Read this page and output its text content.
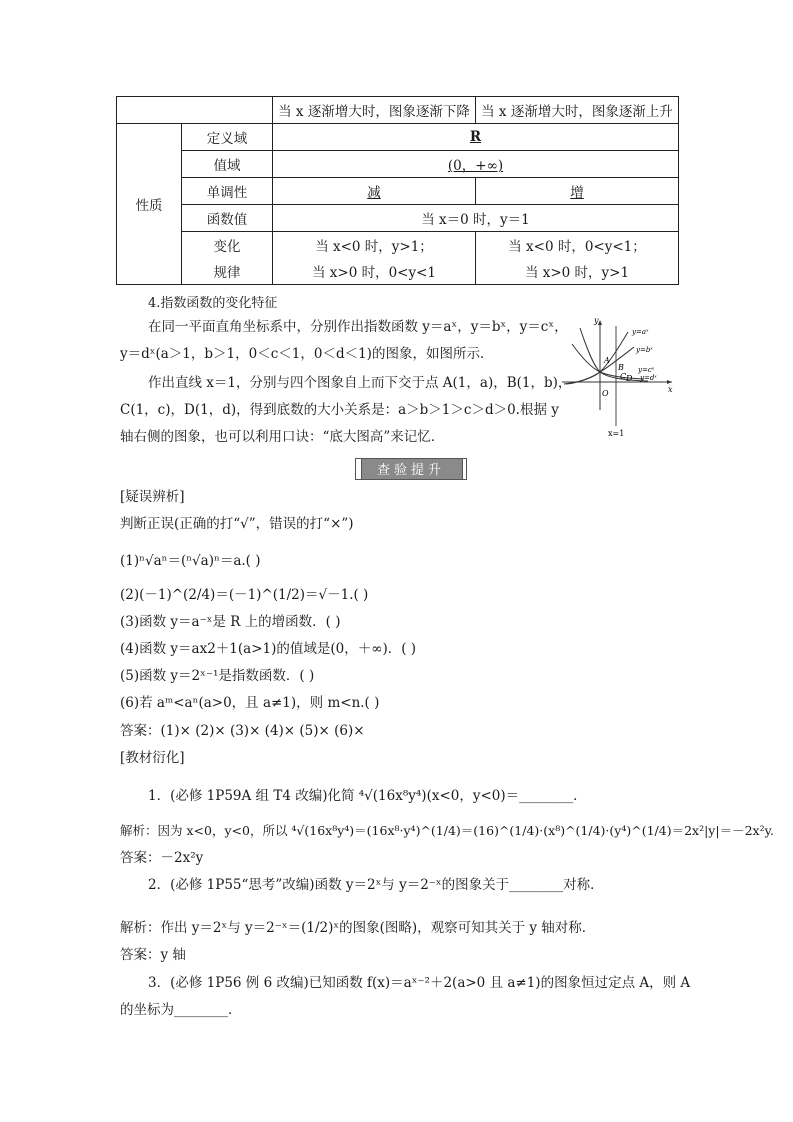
		当 x 逐渐增大时，图象逐渐下降	当 x 逐渐增大时，图象逐渐上升
性质	定义域	R	
	值域	(0，+∞)	
	单调性	减	增
	函数值	当 x＝0 时，y＝1	
	变化	当 x<0 时，y>1；	当 x<0 时，0<y<1；
	规律	当 x>0 时，0<y<1	当 x>0 时，y>1
4.指数函数的变化特征
在同一平面直角坐标系中，分别作出指数函数 y＝aˣ，y＝bˣ，y＝cˣ，
y＝dˣ(a＞1，b＞1，0＜c＜1，0＜d＜1)的图象，如图所示．
作出直线 x＝1，分别与四个图象自上而下交于点 A(1，a)，B(1，b)，
C(1，c)，D(1，d)，得到底数的大小关系是：a＞b＞1＞c＞d＞0.根据 y
轴右侧的图象，也可以利用口诀：“底大图高”来记忆．
y
x
O
x=1
y=aˣ
y=bˣ
y=cˣ
y=dˣ
A
B
C D
查验提升
[疑误辨析]
判断正误(正确的打“√”，错误的打“×”)
(1)ⁿ√aⁿ＝(ⁿ√a)ⁿ＝a.( )
(2)(－1)^(2/4)＝(－1)^(1/2)＝√－1.( )
(3)函数 y＝a⁻ˣ是 R 上的增函数．( )
(4)函数 y＝ax2＋1(a>1)的值域是(0，＋∞)．( )
(5)函数 y＝2ˣ⁻¹是指数函数．( )
(6)若 aᵐ<aⁿ(a>0，且 a≠1)，则 m<n.( )
答案：(1)× (2)× (3)× (4)× (5)× (6)×
[教材衍化]
1．(必修 1P59A 组 T4 改编)化简 ⁴√(16x⁸y⁴)(x<0，y<0)＝________．
解析：因为 x<0，y<0，所以 ⁴√(16x⁸y⁴)＝(16x⁸·y⁴)^(1/4)＝(16)^(1/4)·(x⁸)^(1/4)·(y⁴)^(1/4)＝2x²|y|＝－2x²y.
答案：－2x²y
2．(必修 1P55“思考”改编)函数 y＝2ˣ与 y＝2⁻ˣ的图象关于________对称．
解析：作出 y＝2ˣ与 y＝2⁻ˣ＝(1/2)ˣ的图象(图略)，观察可知其关于 y 轴对称．
答案：y 轴
3．(必修 1P56 例 6 改编)已知函数 f(x)＝aˣ⁻²＋2(a>0 且 a≠1)的图象恒过定点 A，则 A
的坐标为________．
